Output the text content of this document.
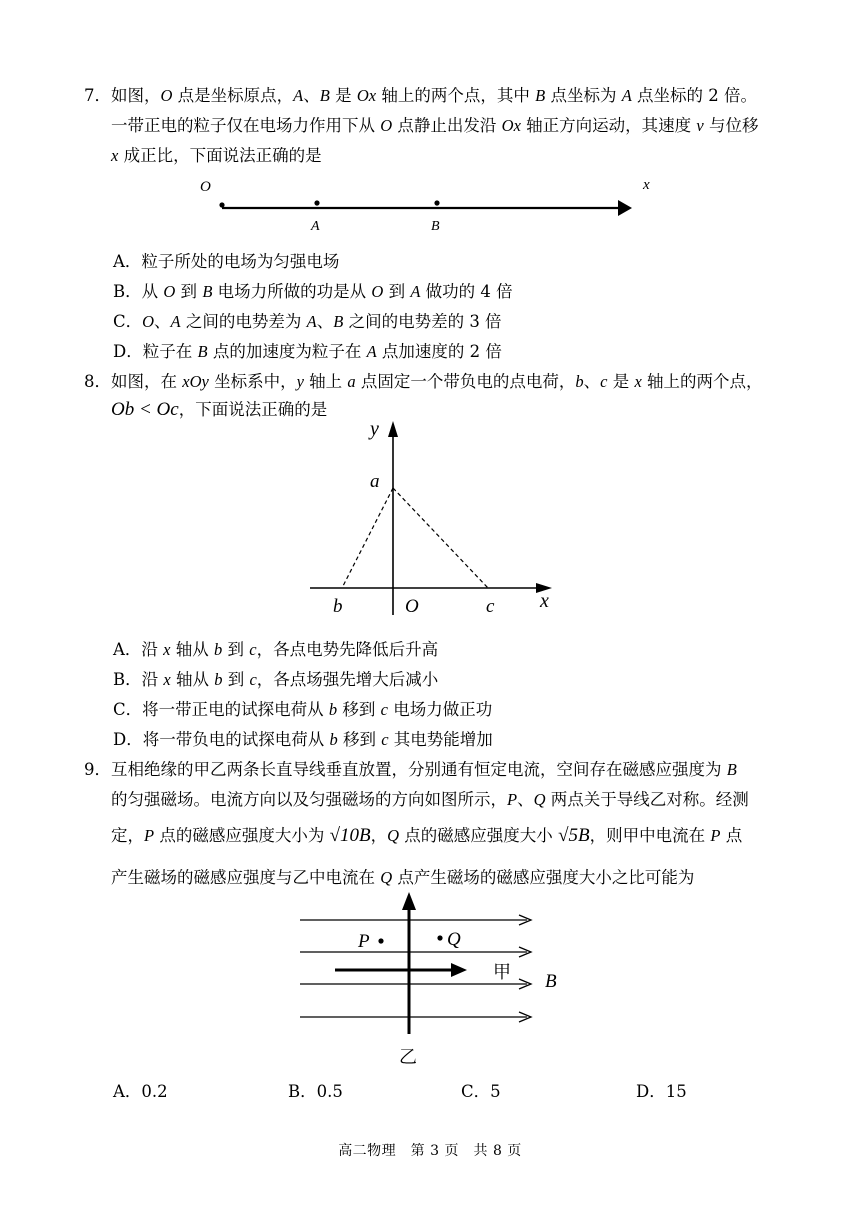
7．如图，O 点是坐标原点，A、B 是 Ox 轴上的两个点，其中 B 点坐标为 A 点坐标的 2 倍。
一带正电的粒子仅在电场力作用下从 O 点静止出发沿 Ox 轴正方向运动，其速度 v 与位移
x 成正比，下面说法正确的是
O	x
A	B
A．粒子所处的电场为匀强电场
B．从 O 到 B 电场力所做的功是从 O 到 A 做功的 4 倍
C．O、A 之间的电势差为 A、B 之间的电势差的 3 倍
D．粒子在 B 点的加速度为粒子在 A 点加速度的 2 倍
8．如图，在 xOy 坐标系中，y 轴上 a 点固定一个带负电的点电荷，b、c 是 x 轴上的两个点，
Ob < Oc，下面说法正确的是
y
a
b	O	c x
A．沿 x 轴从 b 到 c，各点电势先降低后升高
B．沿 x 轴从 b 到 c，各点场强先增大后减小
C．将一带正电的试探电荷从 b 移到 c 电场力做正功
D．将一带负电的试探电荷从 b 移到 c 其电势能增加
9．互相绝缘的甲乙两条长直导线垂直放置，分别通有恒定电流，空间存在磁感应强度为 B
的匀强磁场。电流方向以及匀强磁场的方向如图所示，P、Q 两点关于导线乙对称。经测
定，P 点的磁感应强度大小为 √10B，Q 点的磁感应强度大小 √5B，则甲中电流在 P 点
产生磁场的磁感应强度与乙中电流在 Q 点产生磁场的磁感应强度大小之比可能为
P	Q
甲 B
乙
A．0.2	B．0.5	C．5	D．15
高二物理　第 3 页　共 8 页
